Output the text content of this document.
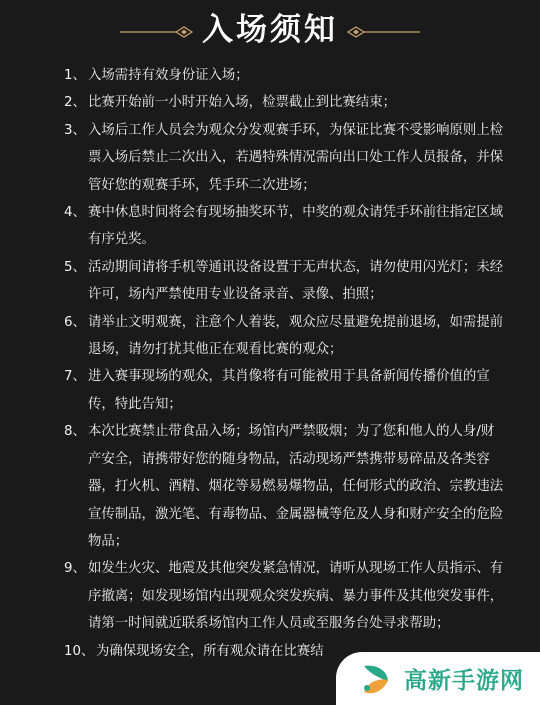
入场须知
1、 入场需持有效身份证入场；

2、 比赛开始前一小时开始入场，检票截止到比赛结束；

3、 入场后工作人员会为观众分发观赛手环，为保证比赛不受影响原则上检票入场后禁止二次出入，若遇特殊情况需向出口处工作人员报备，并保管好您的观赛手环，凭手环二次进场；

4、 赛中休息时间将会有现场抽奖环节，中奖的观众请凭手环前往指定区域有序兑奖。

5、 活动期间请将手机等通讯设备设置于无声状态，请勿使用闪光灯；未经许可，场内严禁使用专业设备录音、录像、拍照；

6、 请举止文明观赛，注意个人着装，观众应尽量避免提前退场，如需提前退场，请勿打扰其他正在观看比赛的观众；

7、 进入赛事现场的观众，其肖像将有可能被用于具备新闻传播价值的宣传，特此告知；

8、 本次比赛禁止带食品入场；场馆内严禁吸烟；为了您和他人的人身/财产安全，请携带好您的随身物品，活动现场严禁携带易碎品及各类容器，打火机、酒精、烟花等易燃易爆物品，任何形式的政治、宗教违法宣传制品，激光笔、有毒物品、金属器械等危及人身和财产安全的危险物品；

9、 如发生火灾、地震及其他突发紧急情况，请听从现场工作人员指示、有序撤离；如发现场馆内出现观众突发疾病、暴力事件及其他突发事件，请第一时间就近联系场馆内工作人员或至服务台处寻求帮助；

10、 为确保现场安全，所有观众请在比赛结

高新手游网
